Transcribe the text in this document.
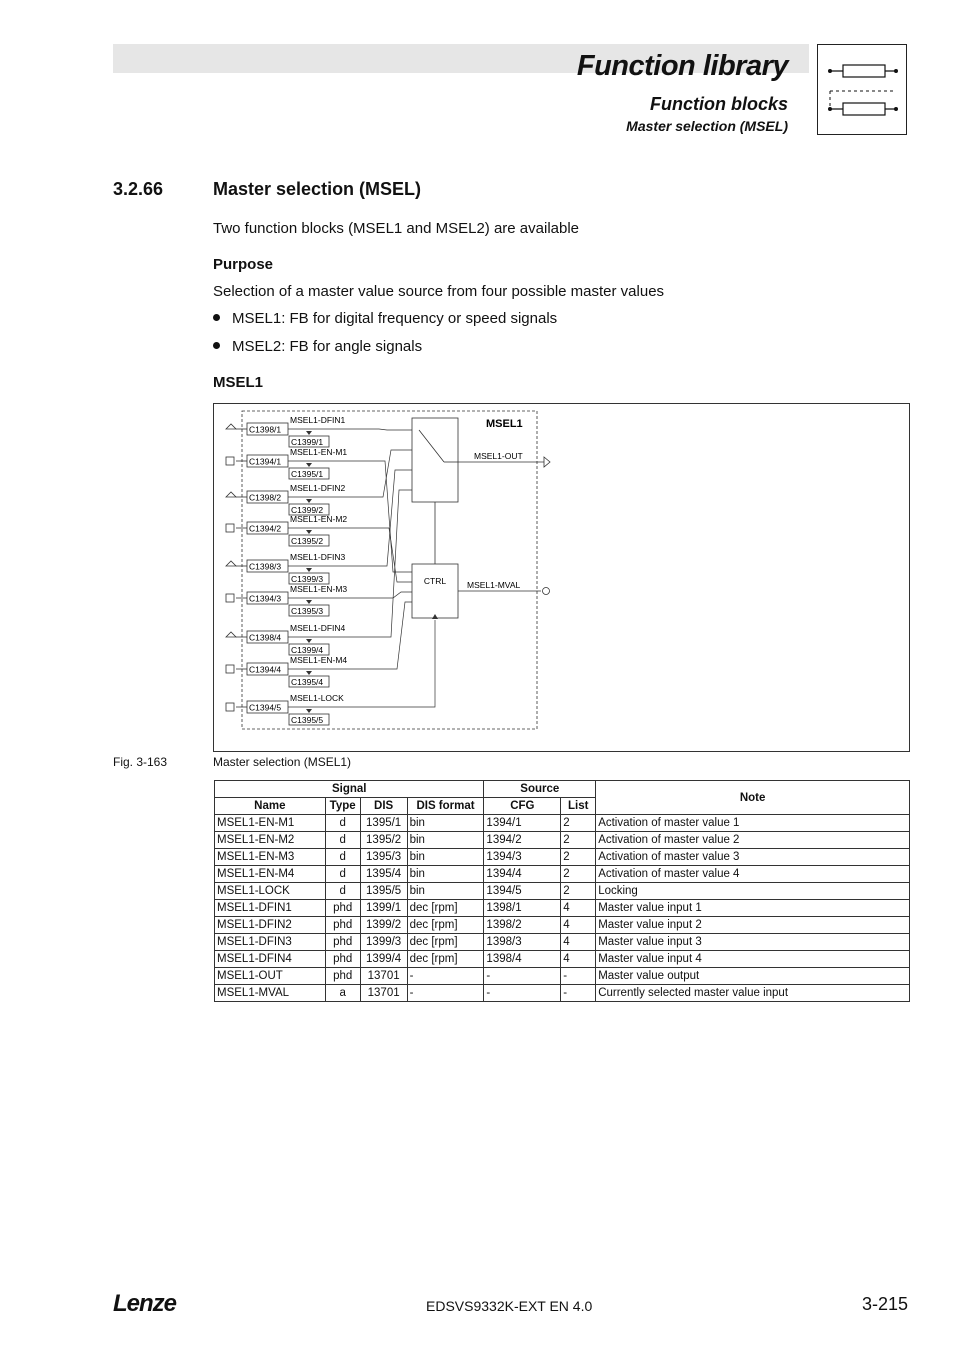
Function library
Function blocks
Master selection (MSEL)
3.2.66	Master selection (MSEL)
Two function blocks (MSEL1 and MSEL2) are available
Purpose
Selection of a master value source from four possible master values
MSEL1: FB for digital frequency or speed signals
MSEL2: FB for angle signals
MSEL1
MSEL1
CTRL
MSEL1-OUT
MSEL1-MVAL
C1398/1
MSEL1-DFIN1
C1399/1
C1394/1
MSEL1-EN-M1
C1395/1
C1398/2
MSEL1-DFIN2
C1399/2
C1394/2
MSEL1-EN-M2
C1395/2
C1398/3
MSEL1-DFIN3
C1399/3
C1394/3
MSEL1-EN-M3
C1395/3
C1398/4
MSEL1-DFIN4
C1399/4
C1394/4
MSEL1-EN-M4
C1395/4
C1394/5
MSEL1-LOCK
C1395/5
Fig. 3-163	Master selection (MSEL1)
Signal				Source		Note
Name	Type	DIS	DIS format	CFG	List	
MSEL1-EN-M1	d	1395/1	bin	1394/1	2	Activation of master value 1
MSEL1-EN-M2	d	1395/2	bin	1394/2	2	Activation of master value 2
MSEL1-EN-M3	d	1395/3	bin	1394/3	2	Activation of master value 3
MSEL1-EN-M4	d	1395/4	bin	1394/4	2	Activation of master value 4
MSEL1-LOCK	d	1395/5	bin	1394/5	2	Locking
MSEL1-DFIN1	phd	1399/1	dec [rpm]	1398/1	4	Master value input 1
MSEL1-DFIN2	phd	1399/2	dec [rpm]	1398/2	4	Master value input 2
MSEL1-DFIN3	phd	1399/3	dec [rpm]	1398/3	4	Master value input 3
MSEL1-DFIN4	phd	1399/4	dec [rpm]	1398/4	4	Master value input 4
MSEL1-OUT	phd	13701	-	-	-	Master value output
MSEL1-MVAL	a	13701	-	-	-	Currently selected master value input
Lenze	EDSVS9332K-EXT EN 4.0	3-215
